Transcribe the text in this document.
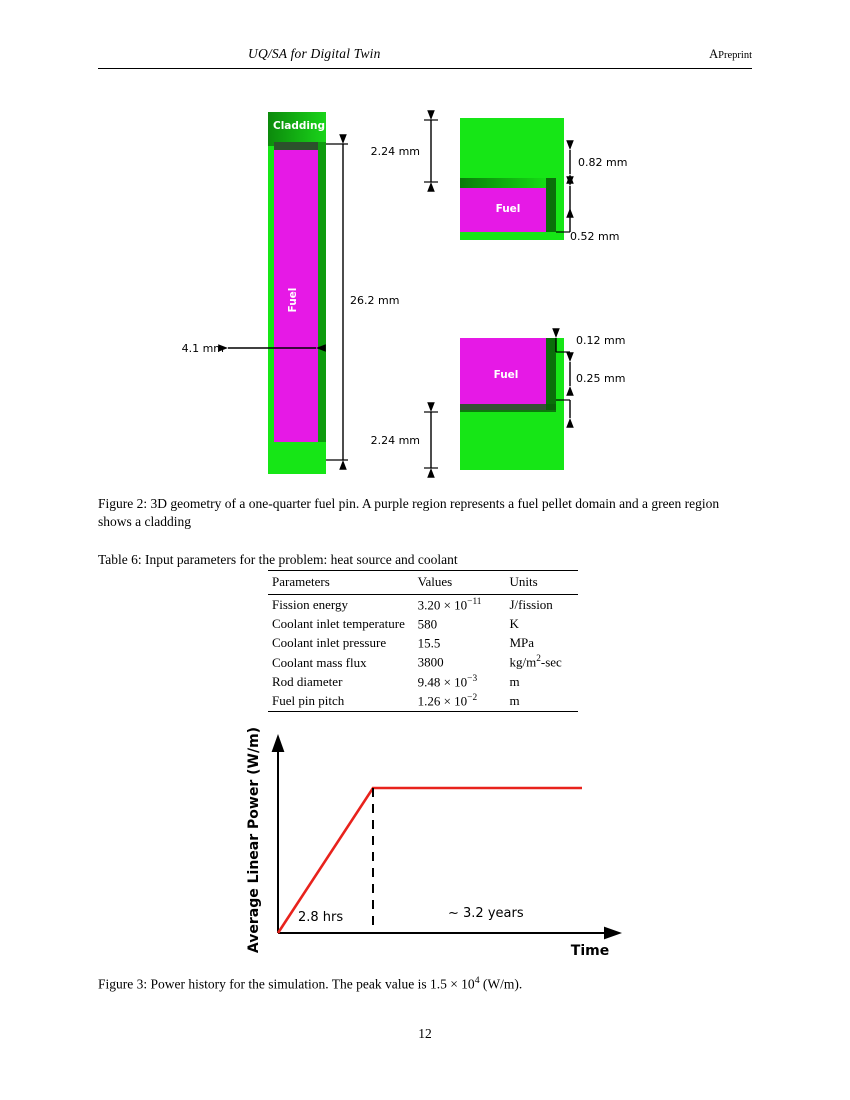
UQ/SA for Digital Twin	APreprint
Cladding
Fuel
4.1 mm
26.2 mm
Fuel
2.24 mm
0.82 mm
0.52 mm
Fuel
0.12 mm
0.25 mm
2.24 mm
Figure 2: 3D geometry of a one-quarter fuel pin. A purple region represents a fuel pellet domain and a green region shows a cladding
Table 6: Input parameters for the problem: heat source and coolant
Parameters	Values	Units
Fission energy	$3.20 \times 10^{-11}$	J/fission
Coolant inlet temperature	580	K
Coolant inlet pressure	15.5	MPa
Coolant mass flux	3800	$kg/m^2-\sec$
Rod diameter	$9.48 \times 10^{-3}$	m
Fuel pin pitch	$1.26 \times 10^{-2}$	m
Average Linear Power (W/m)	Time
2.8 hrs	~ 3.2 years
Figure 3: Power history for the simulation. The peak value is $1.5 \times 10^4$ (W/m).
12
